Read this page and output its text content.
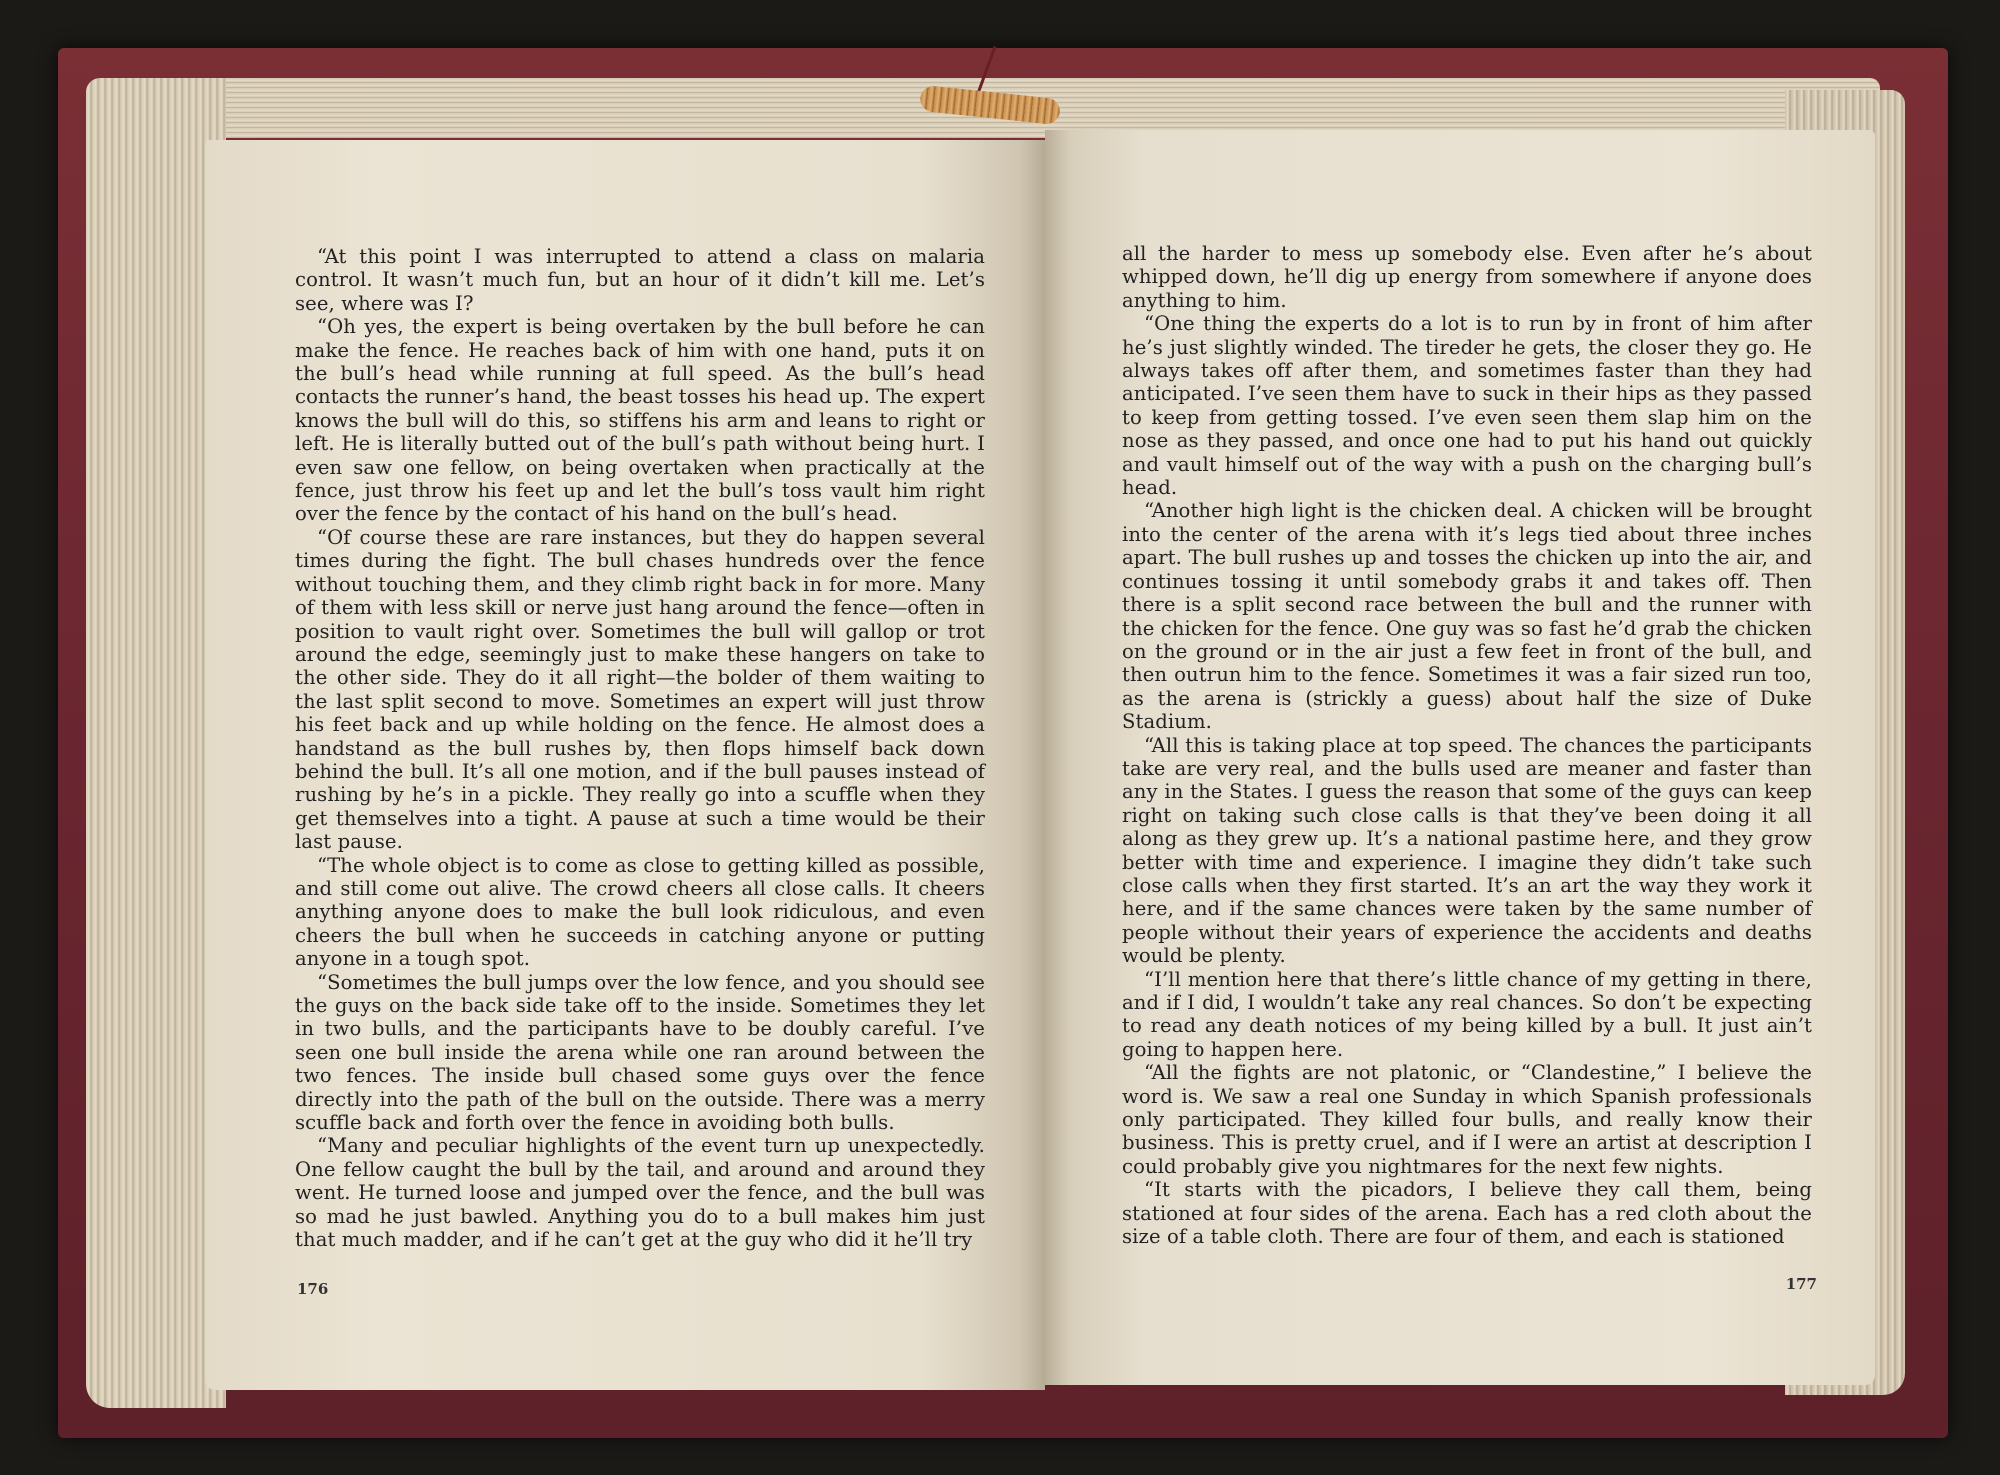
“At this point I was interrupted to attend a class on malaria control. It wasn’t much fun, but an hour of it didn’t kill me. Let’s see, where was I?

“Oh yes, the expert is being overtaken by the bull before he can make the fence. He reaches back of him with one hand, puts it on the bull’s head while running at full speed. As the bull’s head contacts the runner’s hand, the beast tosses his head up. The expert knows the bull will do this, so stiffens his arm and leans to right or left. He is literally butted out of the bull’s path without being hurt. I even saw one fellow, on being overtaken when practically at the fence, just throw his feet up and let the bull’s toss vault him right over the fence by the contact of his hand on the bull’s head.

“Of course these are rare instances, but they do happen several times during the fight. The bull chases hundreds over the fence without touching them, and they climb right back in for more. Many of them with less skill or nerve just hang around the fence—often in position to vault right over. Sometimes the bull will gallop or trot around the edge, seemingly just to make these hangers on take to the other side. They do it all right—the bolder of them waiting to the last split second to move. Sometimes an expert will just throw his feet back and up while holding on the fence. He almost does a handstand as the bull rushes by, then flops himself back down behind the bull. It’s all one motion, and if the bull pauses instead of rushing by he’s in a pickle. They really go into a scuffle when they get themselves into a tight. A pause at such a time would be their last pause.

“The whole object is to come as close to getting killed as possible, and still come out alive. The crowd cheers all close calls. It cheers anything anyone does to make the bull look ridiculous, and even cheers the bull when he succeeds in catching anyone or putting anyone in a tough spot.

“Sometimes the bull jumps over the low fence, and you should see the guys on the back side take off to the inside. Sometimes they let in two bulls, and the participants have to be doubly careful. I’ve seen one bull inside the arena while one ran around between the two fences. The inside bull chased some guys over the fence directly into the path of the bull on the outside. There was a merry scuffle back and forth over the fence in avoiding both bulls.

“Many and peculiar highlights of the event turn up unexpectedly. One fellow caught the bull by the tail, and around and around they went. He turned loose and jumped over the fence, and the bull was so mad he just bawled. Anything you do to a bull makes him just that much madder, and if he can’t get at the guy who did it he’ll try

176

all the harder to mess up somebody else. Even after he’s about whipped down, he’ll dig up energy from somewhere if anyone does anything to him.

“One thing the experts do a lot is to run by in front of him after he’s just slightly winded. The tireder he gets, the closer they go. He always takes off after them, and sometimes faster than they had anticipated. I’ve seen them have to suck in their hips as they passed to keep from getting tossed. I’ve even seen them slap him on the nose as they passed, and once one had to put his hand out quickly and vault himself out of the way with a push on the charging bull’s head.

“Another high light is the chicken deal. A chicken will be brought into the center of the arena with it’s legs tied about three inches apart. The bull rushes up and tosses the chicken up into the air, and continues tossing it until somebody grabs it and takes off. Then there is a split second race between the bull and the runner with the chicken for the fence. One guy was so fast he’d grab the chicken on the ground or in the air just a few feet in front of the bull, and then outrun him to the fence. Sometimes it was a fair sized run too, as the arena is (strickly a guess) about half the size of Duke Stadium.

“All this is taking place at top speed. The chances the participants take are very real, and the bulls used are meaner and faster than any in the States. I guess the reason that some of the guys can keep right on taking such close calls is that they’ve been doing it all along as they grew up. It’s a national pastime here, and they grow better with time and experience. I imagine they didn’t take such close calls when they first started. It’s an art the way they work it here, and if the same chances were taken by the same number of people without their years of experience the accidents and deaths would be plenty.

“I’ll mention here that there’s little chance of my getting in there, and if I did, I wouldn’t take any real chances. So don’t be expecting to read any death notices of my being killed by a bull. It just ain’t going to happen here.

“All the fights are not platonic, or “Clandestine,” I believe the word is. We saw a real one Sunday in which Spanish professionals only participated. They killed four bulls, and really know their business. This is pretty cruel, and if I were an artist at description I could probably give you nightmares for the next few nights.

“It starts with the picadors, I believe they call them, being stationed at four sides of the arena. Each has a red cloth about the size of a table cloth. There are four of them, and each is stationed

177
